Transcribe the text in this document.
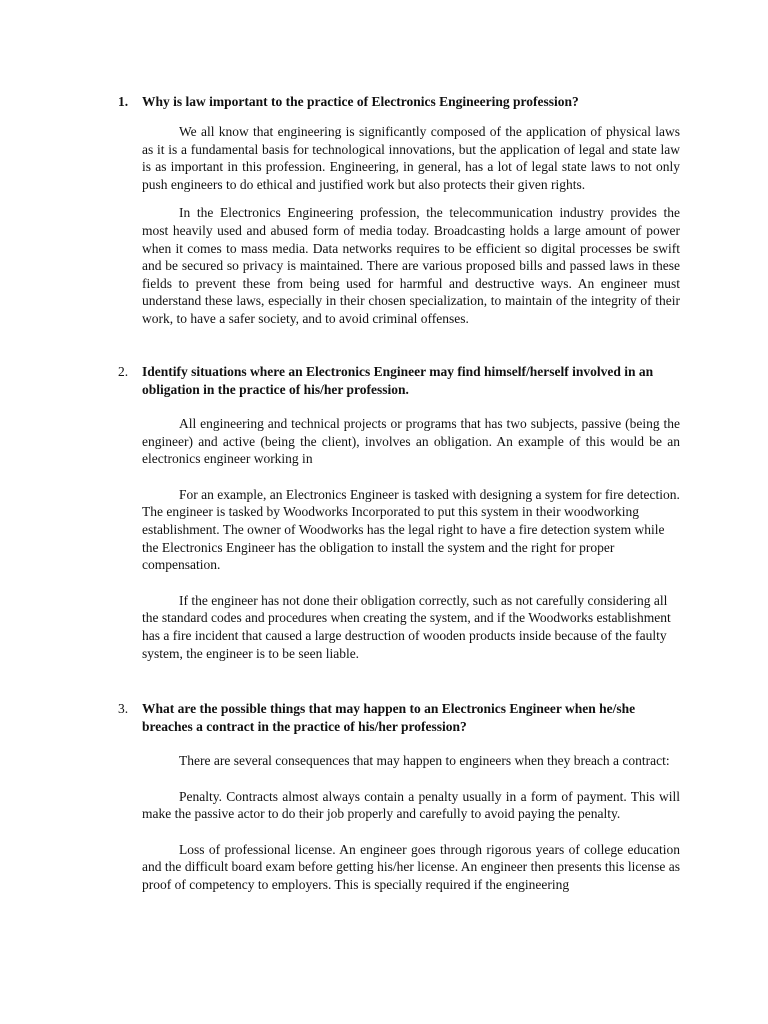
1.	Why is law important to the practice of Electronics Engineering profession?

We all know that engineering is significantly composed of the application of physical laws as it is a fundamental basis for technological innovations, but the application of legal and state law is as important in this profession. Engineering, in general, has a lot of legal state laws to not only push engineers to do ethical and justified work but also protects their given rights.

In the Electronics Engineering profession, the telecommunication industry provides the most heavily used and abused form of media today. Broadcasting holds a large amount of power when it comes to mass media. Data networks requires to be efficient so digital processes be swift and be secured so privacy is maintained. There are various proposed bills and passed laws in these fields to prevent these from being used for harmful and destructive ways. An engineer must understand these laws, especially in their chosen specialization, to maintain of the integrity of their work, to have a safer society, and to avoid criminal offenses.

2.	Identify situations where an Electronics Engineer may find himself/herself involved in an obligation in the practice of his/her profession.

All engineering and technical projects or programs that has two subjects, passive (being the engineer) and active (being the client), involves an obligation. An example of this would be an electronics engineer working in

For an example, an Electronics Engineer is tasked with designing a system for fire detection. The engineer is tasked by Woodworks Incorporated to put this system in their woodworking establishment. The owner of Woodworks has the legal right to have a fire detection system while the Electronics Engineer has the obligation to install the system and the right for proper compensation.

If the engineer has not done their obligation correctly, such as not carefully considering all the standard codes and procedures when creating the system, and if the Woodworks establishment has a fire incident that caused a large destruction of wooden products inside because of the faulty system, the engineer is to be seen liable.

3.	What are the possible things that may happen to an Electronics Engineer when he/she breaches a contract in the practice of his/her profession?

There are several consequences that may happen to engineers when they breach a contract:

Penalty. Contracts almost always contain a penalty usually in a form of payment. This will make the passive actor to do their job properly and carefully to avoid paying the penalty.

Loss of professional license. An engineer goes through rigorous years of college education and the difficult board exam before getting his/her license. An engineer then presents this license as proof of competency to employers. This is specially required if the engineering
